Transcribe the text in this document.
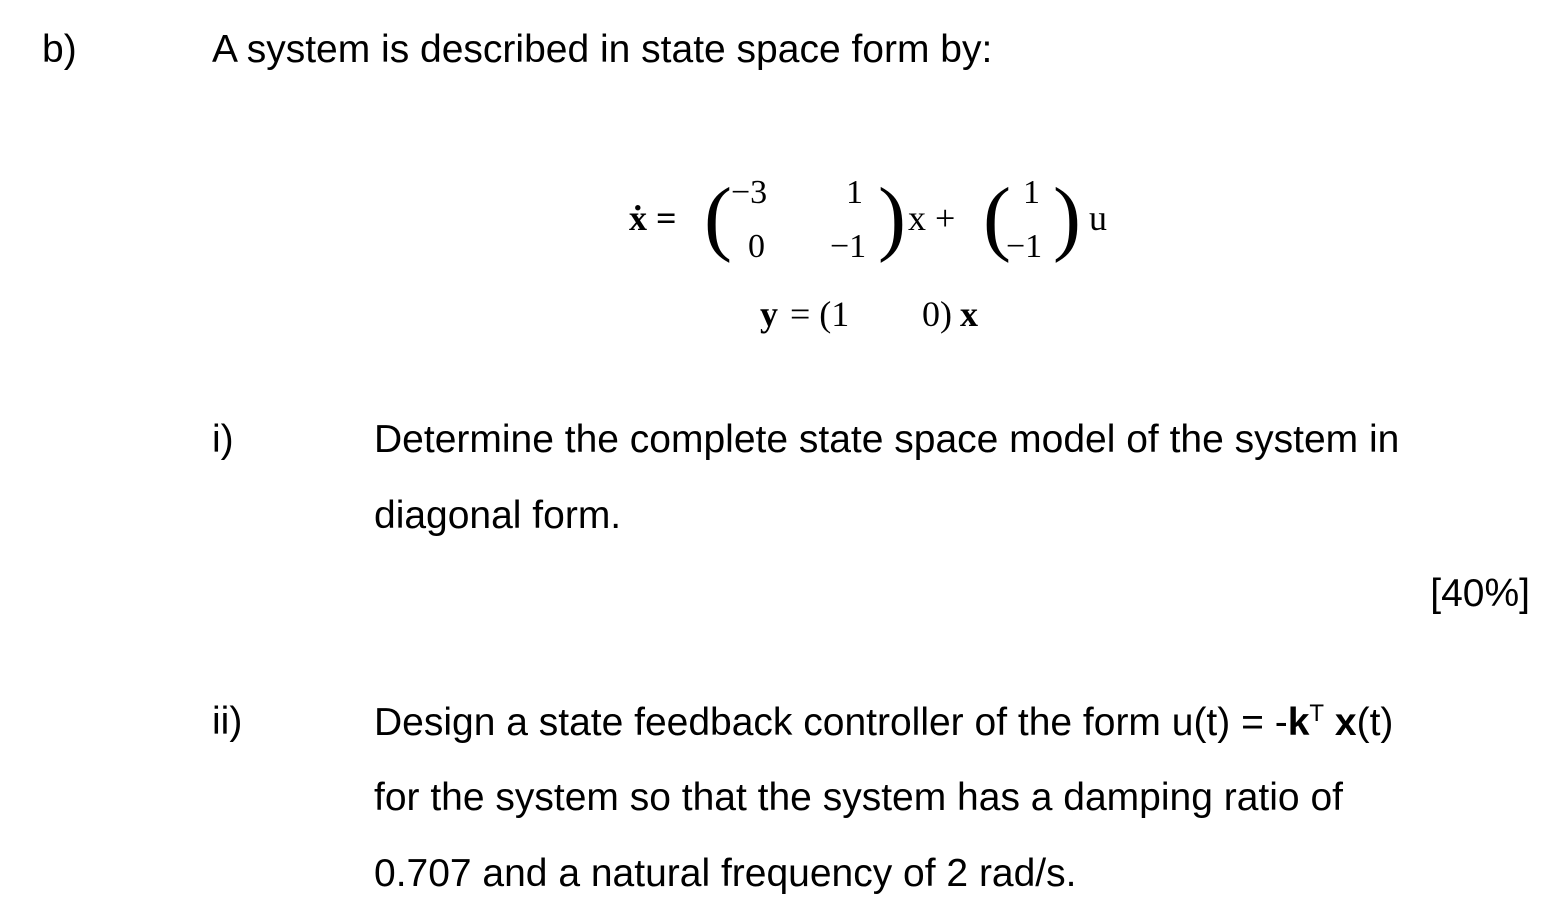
b)	A system is described in state space form by:
ẋ = ( −3 1
0 −1 ) x + ( 1
−1 ) u
y = (1 0) x
i)	Determine the complete state space model of the system in
diagonal form.
[40%]
ii)	Design a state feedback controller of the form $u(t) = -k^T$ x(t)
for the system so that the system has a damping ratio of
0.707 and a natural frequency of 2 rad/s.
